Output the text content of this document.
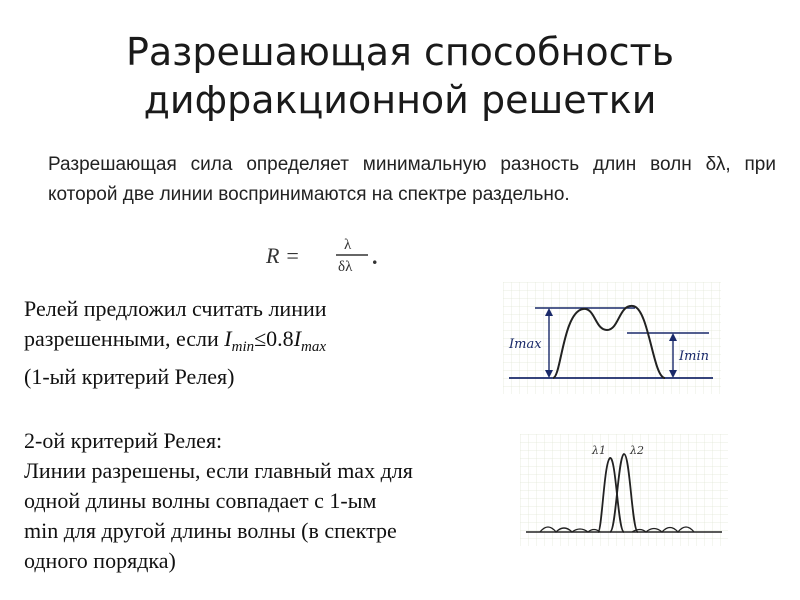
Разрешающая способность
дифракционной решетки

Разрешающая сила определяет минимальную разность длин волн δλ, при которой две линии воспринимаются на спектре раздельно.

R =	λ
δλ .

Релей предложил считать линии
разрешенными, если $I_{min}\le 0.8I_{max}$
(1-ый критерий Релея)

Imax
Imin

2-ой критерий Релея:
Линии разрешены, если главный max для
одной длины волны совпадает с 1-ым
min для другой длины волны (в спектре
одного порядка)

λ1 λ2
